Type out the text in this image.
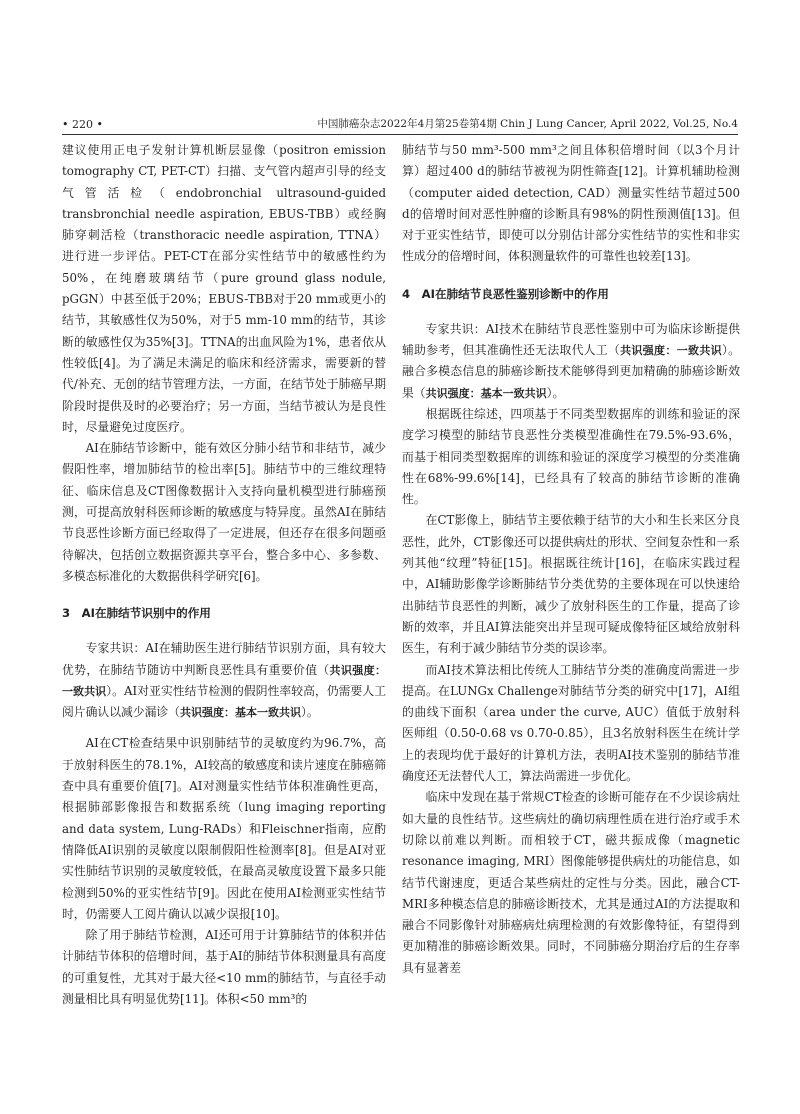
• 220 •	中国肺癌杂志2022年4月第25卷第4期 Chin J Lung Cancer, April 2022, Vol.25, No.4

建议使用正电子发射计算机断层显像（positron emission tomography CT, PET-CT）扫描、支气管内超声引导的经支气管活检（endobronchial ultrasound-guided transbronchial needle aspiration, EBUS-TBB）或经胸肺穿刺活检（transthoracic needle aspiration, TTNA）进行进一步评估。PET-CT在部分实性结节中的敏感性约为50%，在纯磨玻璃结节（pure ground glass nodule, pGGN）中甚至低于20%；EBUS-TBB对于20 mm或更小的结节，其敏感性仅为50%，对于5 mm-10 mm的结节，其诊断的敏感性仅为35%[3]。TTNA的出血风险为1%，患者依从性较低[4]。为了满足未满足的临床和经济需求，需要新的替代/补充、无创的结节管理方法，一方面，在结节处于肺癌早期阶段时提供及时的必要治疗；另一方面，当结节被认为是良性时，尽量避免过度医疗。

AI在肺结节诊断中，能有效区分肺小结节和非结节，减少假阳性率，增加肺结节的检出率[5]。肺结节中的三维纹理特征、临床信息及CT图像数据计入支持向量机模型进行肺癌预测，可提高放射科医师诊断的敏感度与特异度。虽然AI在肺结节良恶性诊断方面已经取得了一定进展，但还存在很多问题亟待解决，包括创立数据资源共享平台，整合多中心、多参数、多模态标准化的大数据供科学研究[6]。

3　AI在肺结节识别中的作用

专家共识：AI在辅助医生进行肺结节识别方面，具有较大优势，在肺结节随访中判断良恶性具有重要价值（共识强度：一致共识）。AI对亚实性结节检测的假阴性率较高，仍需要人工阅片确认以减少漏诊（共识强度：基本一致共识）。

AI在CT检查结果中识别肺结节的灵敏度约为96.7%，高于放射科医生的78.1%，AI较高的敏感度和读片速度在肺癌筛查中具有重要价值[7]。AI对测量实性结节体积准确性更高，根据肺部影像报告和数据系统（lung imaging reporting and data system, Lung-RADs）和Fleischner指南，应酌情降低AI识别的灵敏度以限制假阳性检测率[8]。但是AI对亚实性肺结节识别的灵敏度较低，在最高灵敏度设置下最多只能检测到50%的亚实性结节[9]。因此在使用AI检测亚实性结节时，仍需要人工阅片确认以减少误报[10]。

除了用于肺结节检测，AI还可用于计算肺结节的体积并估计肺结节体积的倍增时间，基于AI的肺结节体积测量具有高度的可重复性，尤其对于最大径<10 mm的肺结节，与直径手动测量相比具有明显优势[11]。体积<50 mm³的

肺结节与50 mm³-500 mm³之间且体积倍增时间（以3个月计算）超过400 d的肺结节被视为阴性筛查[12]。计算机辅助检测（computer aided detection, CAD）测量实性结节超过500 d的倍增时间对恶性肿瘤的诊断具有98%的阴性预测值[13]。但对于亚实性结节，即使可以分别估计部分实性结节的实性和非实性成分的倍增时间，体积测量软件的可靠性也较差[13]。

4　AI在肺结节良恶性鉴别诊断中的作用

专家共识：AI技术在肺结节良恶性鉴别中可为临床诊断提供辅助参考，但其准确性还无法取代人工（共识强度：一致共识）。融合多模态信息的肺癌诊断技术能够得到更加精确的肺癌诊断效果（共识强度：基本一致共识）。

根据既往综述，四项基于不同类型数据库的训练和验证的深度学习模型的肺结节良恶性分类模型准确性在79.5%-93.6%，而基于相同类型数据库的训练和验证的深度学习模型的分类准确性在68%-99.6%[14]，已经具有了较高的肺结节诊断的准确性。

在CT影像上，肺结节主要依赖于结节的大小和生长来区分良恶性，此外，CT影像还可以提供病灶的形状、空间复杂性和一系列其他“纹理”特征[15]。根据既往统计[16]，在临床实践过程中，AI辅助影像学诊断肺结节分类优势的主要体现在可以快速给出肺结节良恶性的判断，减少了放射科医生的工作量，提高了诊断的效率，并且AI算法能突出并呈现可疑成像特征区域给放射科医生，有利于减少肺结节分类的误诊率。

而AI技术算法相比传统人工肺结节分类的准确度尚需进一步提高。在LUNGx Challenge对肺结节分类的研究中[17]，AI组的曲线下面积（area under the curve, AUC）值低于放射科医师组（0.50-0.68 vs 0.70-0.85），且3名放射科医生在统计学上的表现均优于最好的计算机方法，表明AI技术鉴别的肺结节准确度还无法替代人工，算法尚需进一步优化。

临床中发现在基于常规CT检查的诊断可能存在不少误诊病灶如大量的良性结节。这些病灶的确切病理性质在进行治疗或手术切除以前难以判断。而相较于CT，磁共振成像（magnetic resonance imaging, MRI）图像能够提供病灶的功能信息，如结节代谢速度，更适合某些病灶的定性与分类。因此，融合CT-MRI多种模态信息的肺癌诊断技术，尤其是通过AI的方法提取和融合不同影像针对肺癌病灶病理检测的有效影像特征，有望得到更加精准的肺癌诊断效果。同时，不同肺癌分期治疗后的生存率具有显著差
